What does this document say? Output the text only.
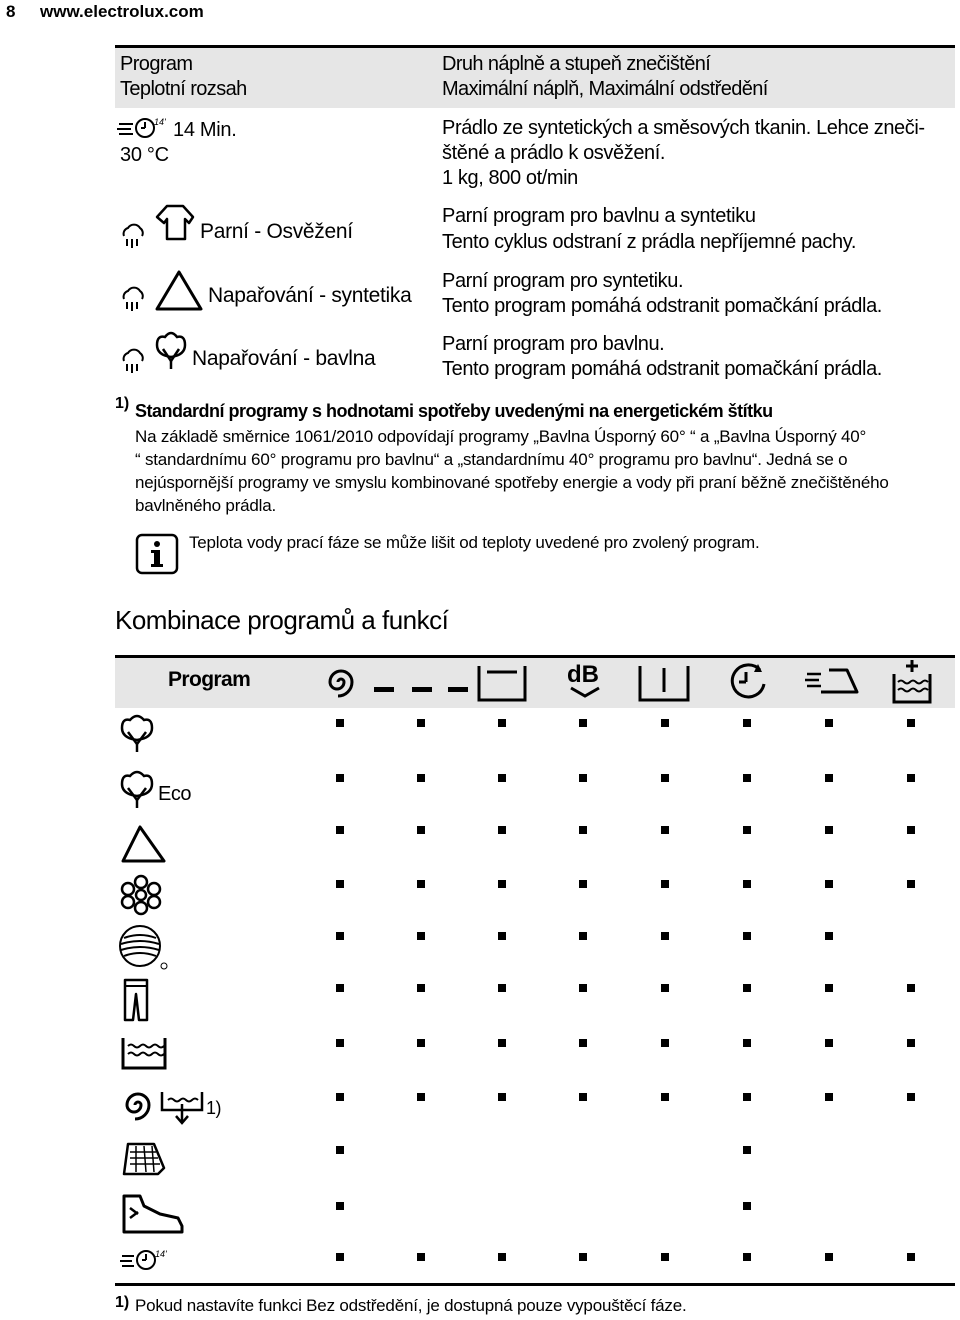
8 www.electrolux.com
Program
Teplotní rozsah
Druh náplně a stupeň znečištění
Maximální náplň, Maximální odstředění
14' 14 Min.
30 °C
Prádlo ze syntetických a směsových tkanin. Lehce zneči-
štěné a prádlo k osvěžení.
1 kg, 800 ot/min
Parní - Osvěžení
Parní program pro bavlnu a syntetiku
Tento cyklus odstraní z prádla nepříjemné pachy.
Napařování - syntetika
Parní program pro syntetiku.
Tento program pomáhá odstranit pomačkání prádla.
Napařování - bavlna
Parní program pro bavlnu.
Tento program pomáhá odstranit pomačkání prádla.
1) Standardní programy s hodnotami spotřeby uvedenými na energetickém štítku
Na základě směrnice 1061/2010 odpovídají programy „Bavlna Úsporný 60° “ a „Bavlna Úsporný 40°
“ standardnímu 60° programu pro bavlnu“ a „standardnímu 40° programu pro bavlnu“. Jedná se o
nejúspornější programy ve smyslu kombinované spotřeby energie a vody při praní běžně znečištěného
bavlněného prádla.
Teplota vody prací fáze se může lišit od teploty uvedené pro zvolený program.
Kombinace programů a funkcí
Program	dB
Eco
1)
14'
1) Pokud nastavíte funkci Bez odstředění, je dostupná pouze vypouštěcí fáze.
